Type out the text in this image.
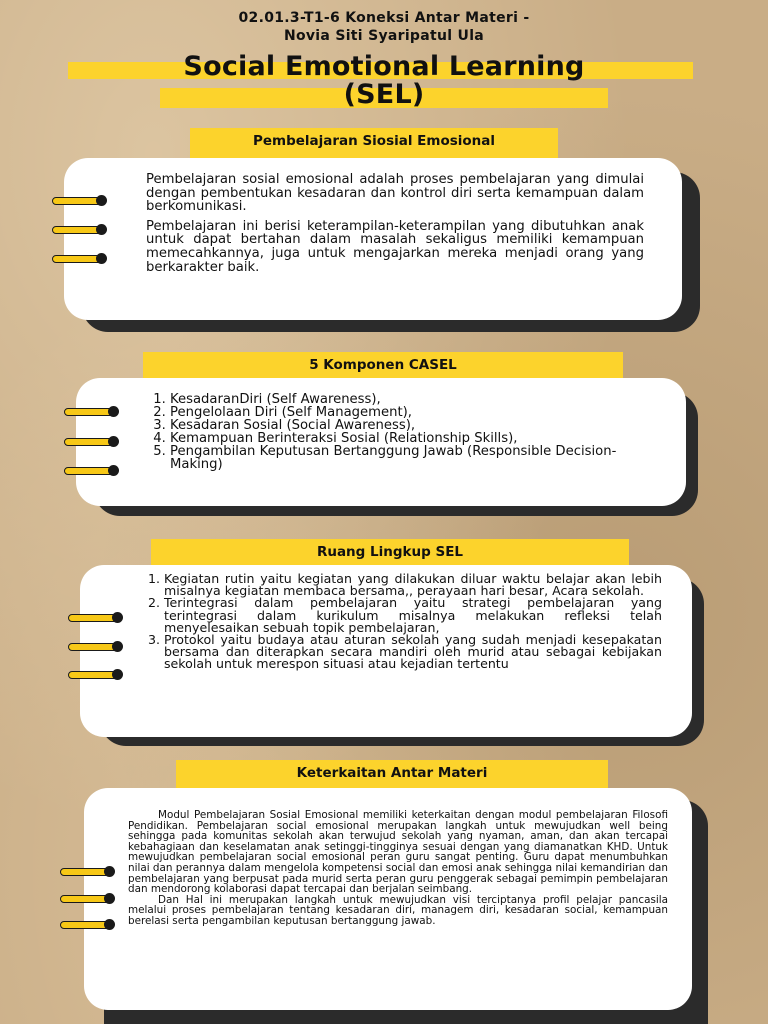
02.01.3-T1-6 Koneksi Antar Materi -
Novia Siti Syaripatul Ula
Social Emotional Learning
(SEL)
Pembelajaran Siosial Emosional

Pembelajaran sosial emosional adalah proses pembelajaran yang dimulai dengan pembentukan kesadaran dan kontrol diri serta kemampuan dalam berkomunikasi.

Pembelajaran ini berisi keterampilan-keterampilan yang dibutuhkan anak untuk dapat bertahan dalam masalah sekaligus memiliki kemampuan memecahkannya, juga untuk mengajarkan mereka menjadi orang yang berkarakter baik.

5 Komponen CASEL
1. KesadaranDiri (Self Awareness),
2. Pengelolaan Diri (Self Management),
3. Kesadaran Sosial (Social Awareness),
4. Kemampuan Berinteraksi Sosial (Relationship Skills),
5. Pengambilan Keputusan Bertanggung Jawab (Responsible Decision-Making)
Ruang Lingkup SEL
1. Kegiatan rutin yaitu kegiatan yang dilakukan diluar waktu belajar akan lebih misalnya kegiatan membaca bersama,, perayaan hari besar, Acara sekolah.
2. Terintegrasi dalam pembelajaran yaitu strategi pembelajaran yang terintegrasi dalam kurikulum misalnya melakukan refleksi telah menyelesaikan sebuah topik pembelajaran,
3. Protokol yaitu budaya atau aturan sekolah yang sudah menjadi kesepakatan bersama dan diterapkan secara mandiri oleh murid atau sebagai kebijakan sekolah untuk merespon situasi atau kejadian tertentu
Keterkaitan Antar Materi

Modul Pembelajaran Sosial Emosional memiliki keterkaitan dengan modul pembelajaran Filosofi Pendidikan. Pembelajaran social emosional merupakan langkah untuk mewujudkan well being sehingga pada komunitas sekolah akan terwujud sekolah yang nyaman, aman, dan akan tercapai kebahagiaan dan keselamatan anak setinggi-tingginya sesuai dengan yang diamanatkan KHD. Untuk mewujudkan pembelajaran social emosional peran guru sangat penting. Guru dapat menumbuhkan nilai dan perannya dalam mengelola kompetensi social dan emosi anak sehingga nilai kemandirian dan pembelajaran yang berpusat pada murid serta peran guru penggerak sebagai pemimpin pembelajaran dan mendorong kolaborasi dapat tercapai dan berjalan seimbang.

Dan Hal ini merupakan langkah untuk mewujudkan visi terciptanya profil pelajar pancasila melalui proses pembelajaran tentang kesadaran diri, managem diri, kesadaran social, kemampuan berelasi serta pengambilan keputusan bertanggung jawab.
